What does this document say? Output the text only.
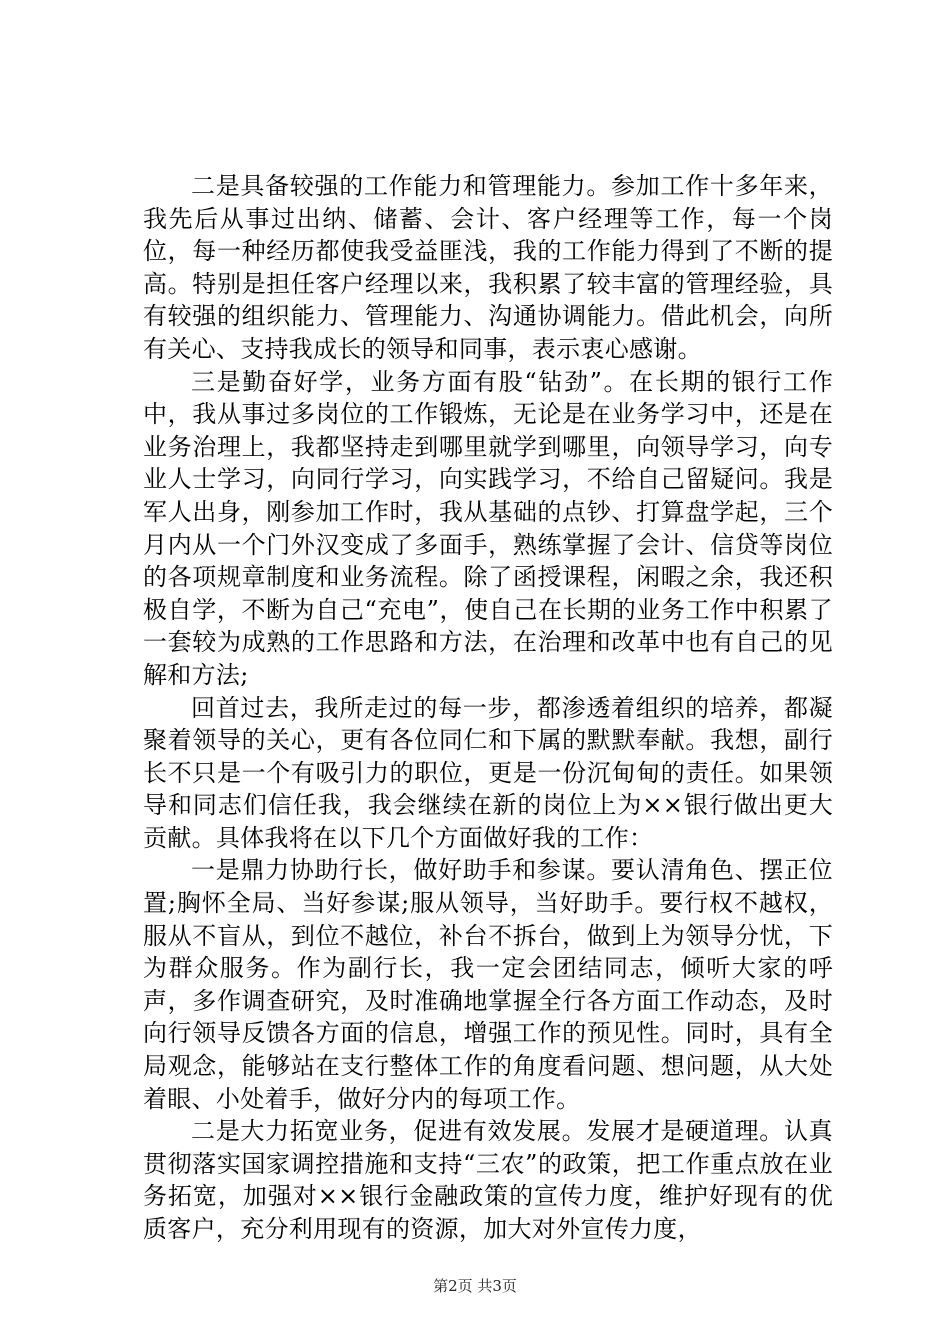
二是具备较强的工作能力和管理能力。参加工作十多年来，我先后从事过出纳、储蓄、会计、客户经理等工作，每一个岗位，每一种经历都使我受益匪浅，我的工作能力得到了不断的提高。特别是担任客户经理以来，我积累了较丰富的管理经验，具有较强的组织能力、管理能力、沟通协调能力。借此机会，向所有关心、支持我成长的领导和同事，表示衷心感谢。

三是勤奋好学，业务方面有股“钻劲”。在长期的银行工作中，我从事过多岗位的工作锻炼，无论是在业务学习中，还是在业务治理上，我都坚持走到哪里就学到哪里，向领导学习，向专业人士学习，向同行学习，向实践学习，不给自己留疑问。我是军人出身，刚参加工作时，我从基础的点钞、打算盘学起，三个月内从一个门外汉变成了多面手，熟练掌握了会计、信贷等岗位的各项规章制度和业务流程。除了函授课程，闲暇之余，我还积极自学，不断为自己“充电”，使自己在长期的业务工作中积累了一套较为成熟的工作思路和方法，在治理和改革中也有自己的见解和方法;

回首过去，我所走过的每一步，都渗透着组织的培养，都凝聚着领导的关心，更有各位同仁和下属的默默奉献。我想，副行长不只是一个有吸引力的职位，更是一份沉甸甸的责任。如果领导和同志们信任我，我会继续在新的岗位上为××银行做出更大贡献。具体我将在以下几个方面做好我的工作：

一是鼎力协助行长，做好助手和参谋。要认清角色、摆正位置;胸怀全局、当好参谋;服从领导，当好助手。要行权不越权，服从不盲从，到位不越位，补台不拆台，做到上为领导分忧，下为群众服务。作为副行长，我一定会团结同志，倾听大家的呼声，多作调查研究，及时准确地掌握全行各方面工作动态，及时向行领导反馈各方面的信息，增强工作的预见性。同时，具有全局观念，能够站在支行整体工作的角度看问题、想问题，从大处着眼、小处着手，做好分内的每项工作。

二是大力拓宽业务，促进有效发展。发展才是硬道理。认真贯彻落实国家调控措施和支持“三农”的政策，把工作重点放在业务拓宽，加强对××银行金融政策的宣传力度，维护好现有的优质客户，充分利用现有的资源，加大对外宣传力度，

第2页 共3页
